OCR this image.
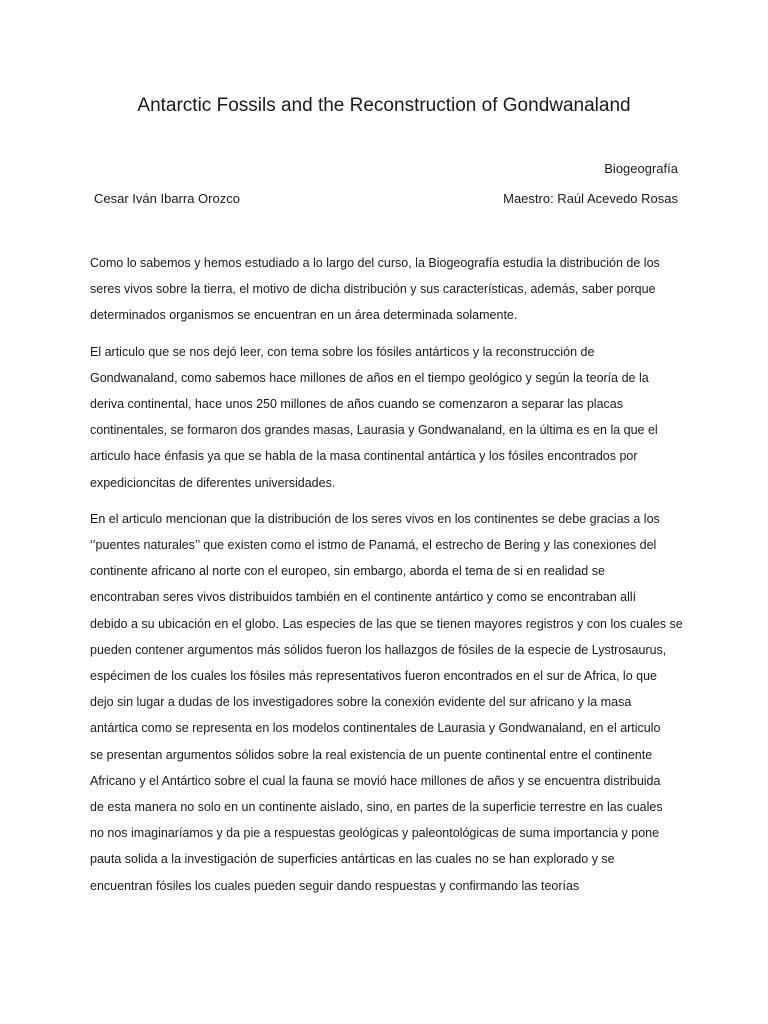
Antarctic Fossils and the Reconstruction of Gondwanaland
Biogeografía
Cesar Iván Ibarra Orozco	Maestro: Raúl Acevedo Rosas

Como lo sabemos y hemos estudiado a lo largo del curso, la Biogeografía estudia la distribución de los
seres vivos sobre la tierra, el motivo de dicha distribución y sus características, además, saber porque
determinados organismos se encuentran en un área determinada solamente.

El articulo que se nos dejó leer, con tema sobre los fósiles antárticos y la reconstrucción de
Gondwanaland, como sabemos hace millones de años en el tiempo geológico y según la teoría de la
deriva continental, hace unos 250 millones de años cuando se comenzaron a separar las placas
continentales, se formaron dos grandes masas, Laurasia y Gondwanaland, en la última es en la que el
articulo hace énfasis ya que se habla de la masa continental antártica y los fósiles encontrados por
expedicioncitas de diferentes universidades.

En el articulo mencionan que la distribución de los seres vivos en los continentes se debe gracias a los
‘’puentes naturales’’ que existen como el istmo de Panamá, el estrecho de Bering y las conexiones del
continente africano al norte con el europeo, sin embargo, aborda el tema de si en realidad se
encontraban seres vivos distribuidos también en el continente antártico y como se encontraban allí
debido a su ubicación en el globo. Las especies de las que se tienen mayores registros y con los cuales se
pueden contener argumentos más sólidos fueron los hallazgos de fósiles de la especie de Lystrosaurus,
espécimen de los cuales los fósiles más representativos fueron encontrados en el sur de Africa, lo que
dejo sin lugar a dudas de los investigadores sobre la conexión evidente del sur africano y la masa
antártica como se representa en los modelos continentales de Laurasia y Gondwanaland, en el articulo
se presentan argumentos sólidos sobre la real existencia de un puente continental entre el continente
Africano y el Antártico sobre el cual la fauna se movió hace millones de años y se encuentra distribuida
de esta manera no solo en un continente aislado, sino, en partes de la superficie terrestre en las cuales
no nos imaginaríamos y da pie a respuestas geológicas y paleontológicas de suma importancia y pone
pauta solida a la investigación de superficies antárticas en las cuales no se han explorado y se
encuentran fósiles los cuales pueden seguir dando respuestas y confirmando las teorías
